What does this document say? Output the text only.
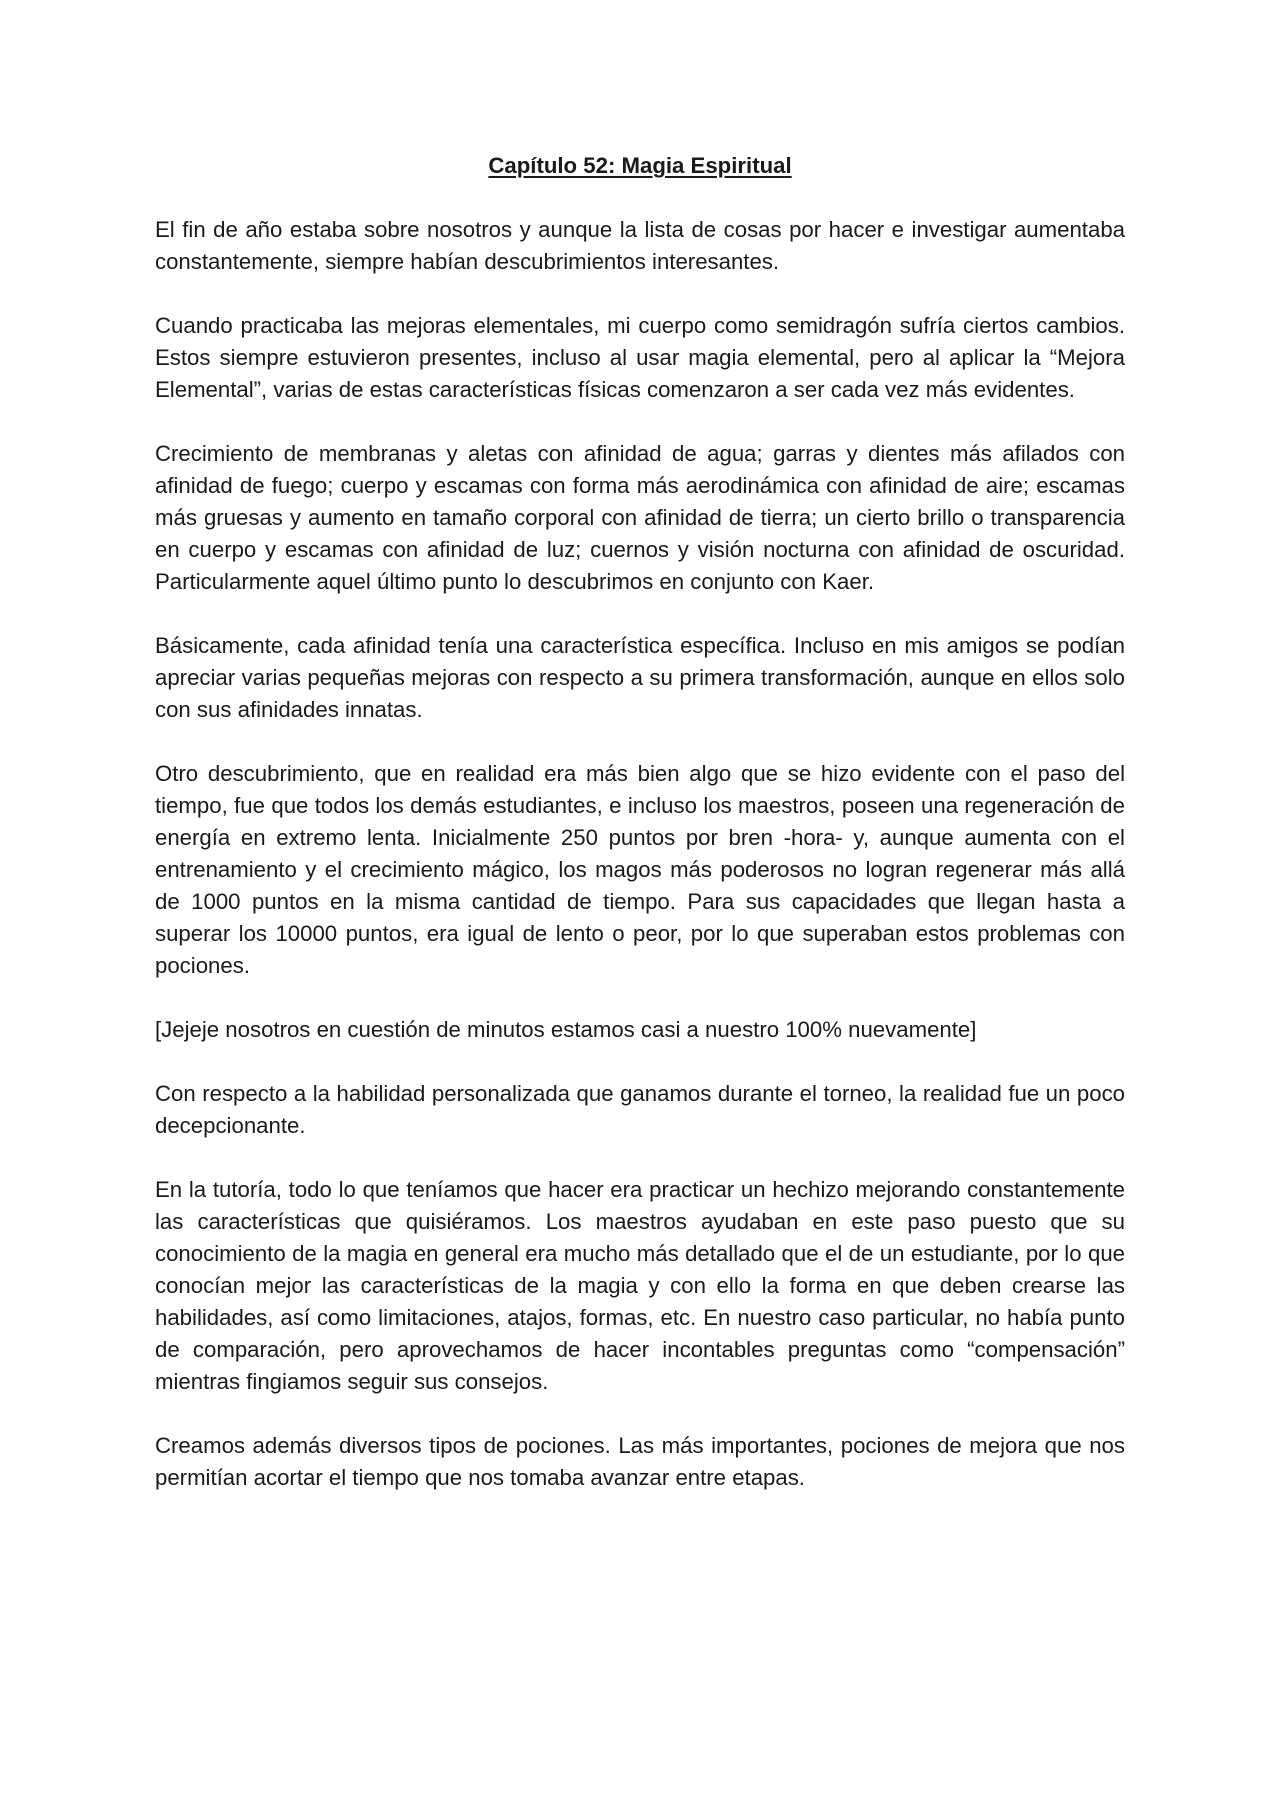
Capítulo 52: Magia Espiritual

El fin de año estaba sobre nosotros y aunque la lista de cosas por hacer e investigar aumentaba constantemente, siempre habían descubrimientos interesantes.

Cuando practicaba las mejoras elementales, mi cuerpo como semidragón sufría ciertos cambios. Estos siempre estuvieron presentes, incluso al usar magia elemental, pero al aplicar la “Mejora Elemental”, varias de estas características físicas comenzaron a ser cada vez más evidentes.

Crecimiento de membranas y aletas con afinidad de agua; garras y dientes más afilados con afinidad de fuego; cuerpo y escamas con forma más aerodinámica con afinidad de aire; escamas más gruesas y aumento en tamaño corporal con afinidad de tierra; un cierto brillo o transparencia en cuerpo y escamas con afinidad de luz; cuernos y visión nocturna con afinidad de oscuridad. Particularmente aquel último punto lo descubrimos en conjunto con Kaer.

Básicamente, cada afinidad tenía una característica específica. Incluso en mis amigos se podían apreciar varias pequeñas mejoras con respecto a su primera transformación, aunque en ellos solo con sus afinidades innatas.

Otro descubrimiento, que en realidad era más bien algo que se hizo evidente con el paso del tiempo, fue que todos los demás estudiantes, e incluso los maestros, poseen una regeneración de energía en extremo lenta. Inicialmente 250 puntos por bren -hora- y, aunque aumenta con el entrenamiento y el crecimiento mágico, los magos más poderosos no logran regenerar más allá de 1000 puntos en la misma cantidad de tiempo. Para sus capacidades que llegan hasta a superar los 10000 puntos, era igual de lento o peor, por lo que superaban estos problemas con pociones.

[Jejeje nosotros en cuestión de minutos estamos casi a nuestro 100% nuevamente]

Con respecto a la habilidad personalizada que ganamos durante el torneo, la realidad fue un poco decepcionante.

En la tutoría, todo lo que teníamos que hacer era practicar un hechizo mejorando constantemente las características que quisiéramos. Los maestros ayudaban en este paso puesto que su conocimiento de la magia en general era mucho más detallado que el de un estudiante, por lo que conocían mejor las características de la magia y con ello la forma en que deben crearse las habilidades, así como limitaciones, atajos, formas, etc. En nuestro caso particular, no había punto de comparación, pero aprovechamos de hacer incontables preguntas como “compensación” mientras fingiamos seguir sus consejos.

Creamos además diversos tipos de pociones. Las más importantes, pociones de mejora que nos permitían acortar el tiempo que nos tomaba avanzar entre etapas.
